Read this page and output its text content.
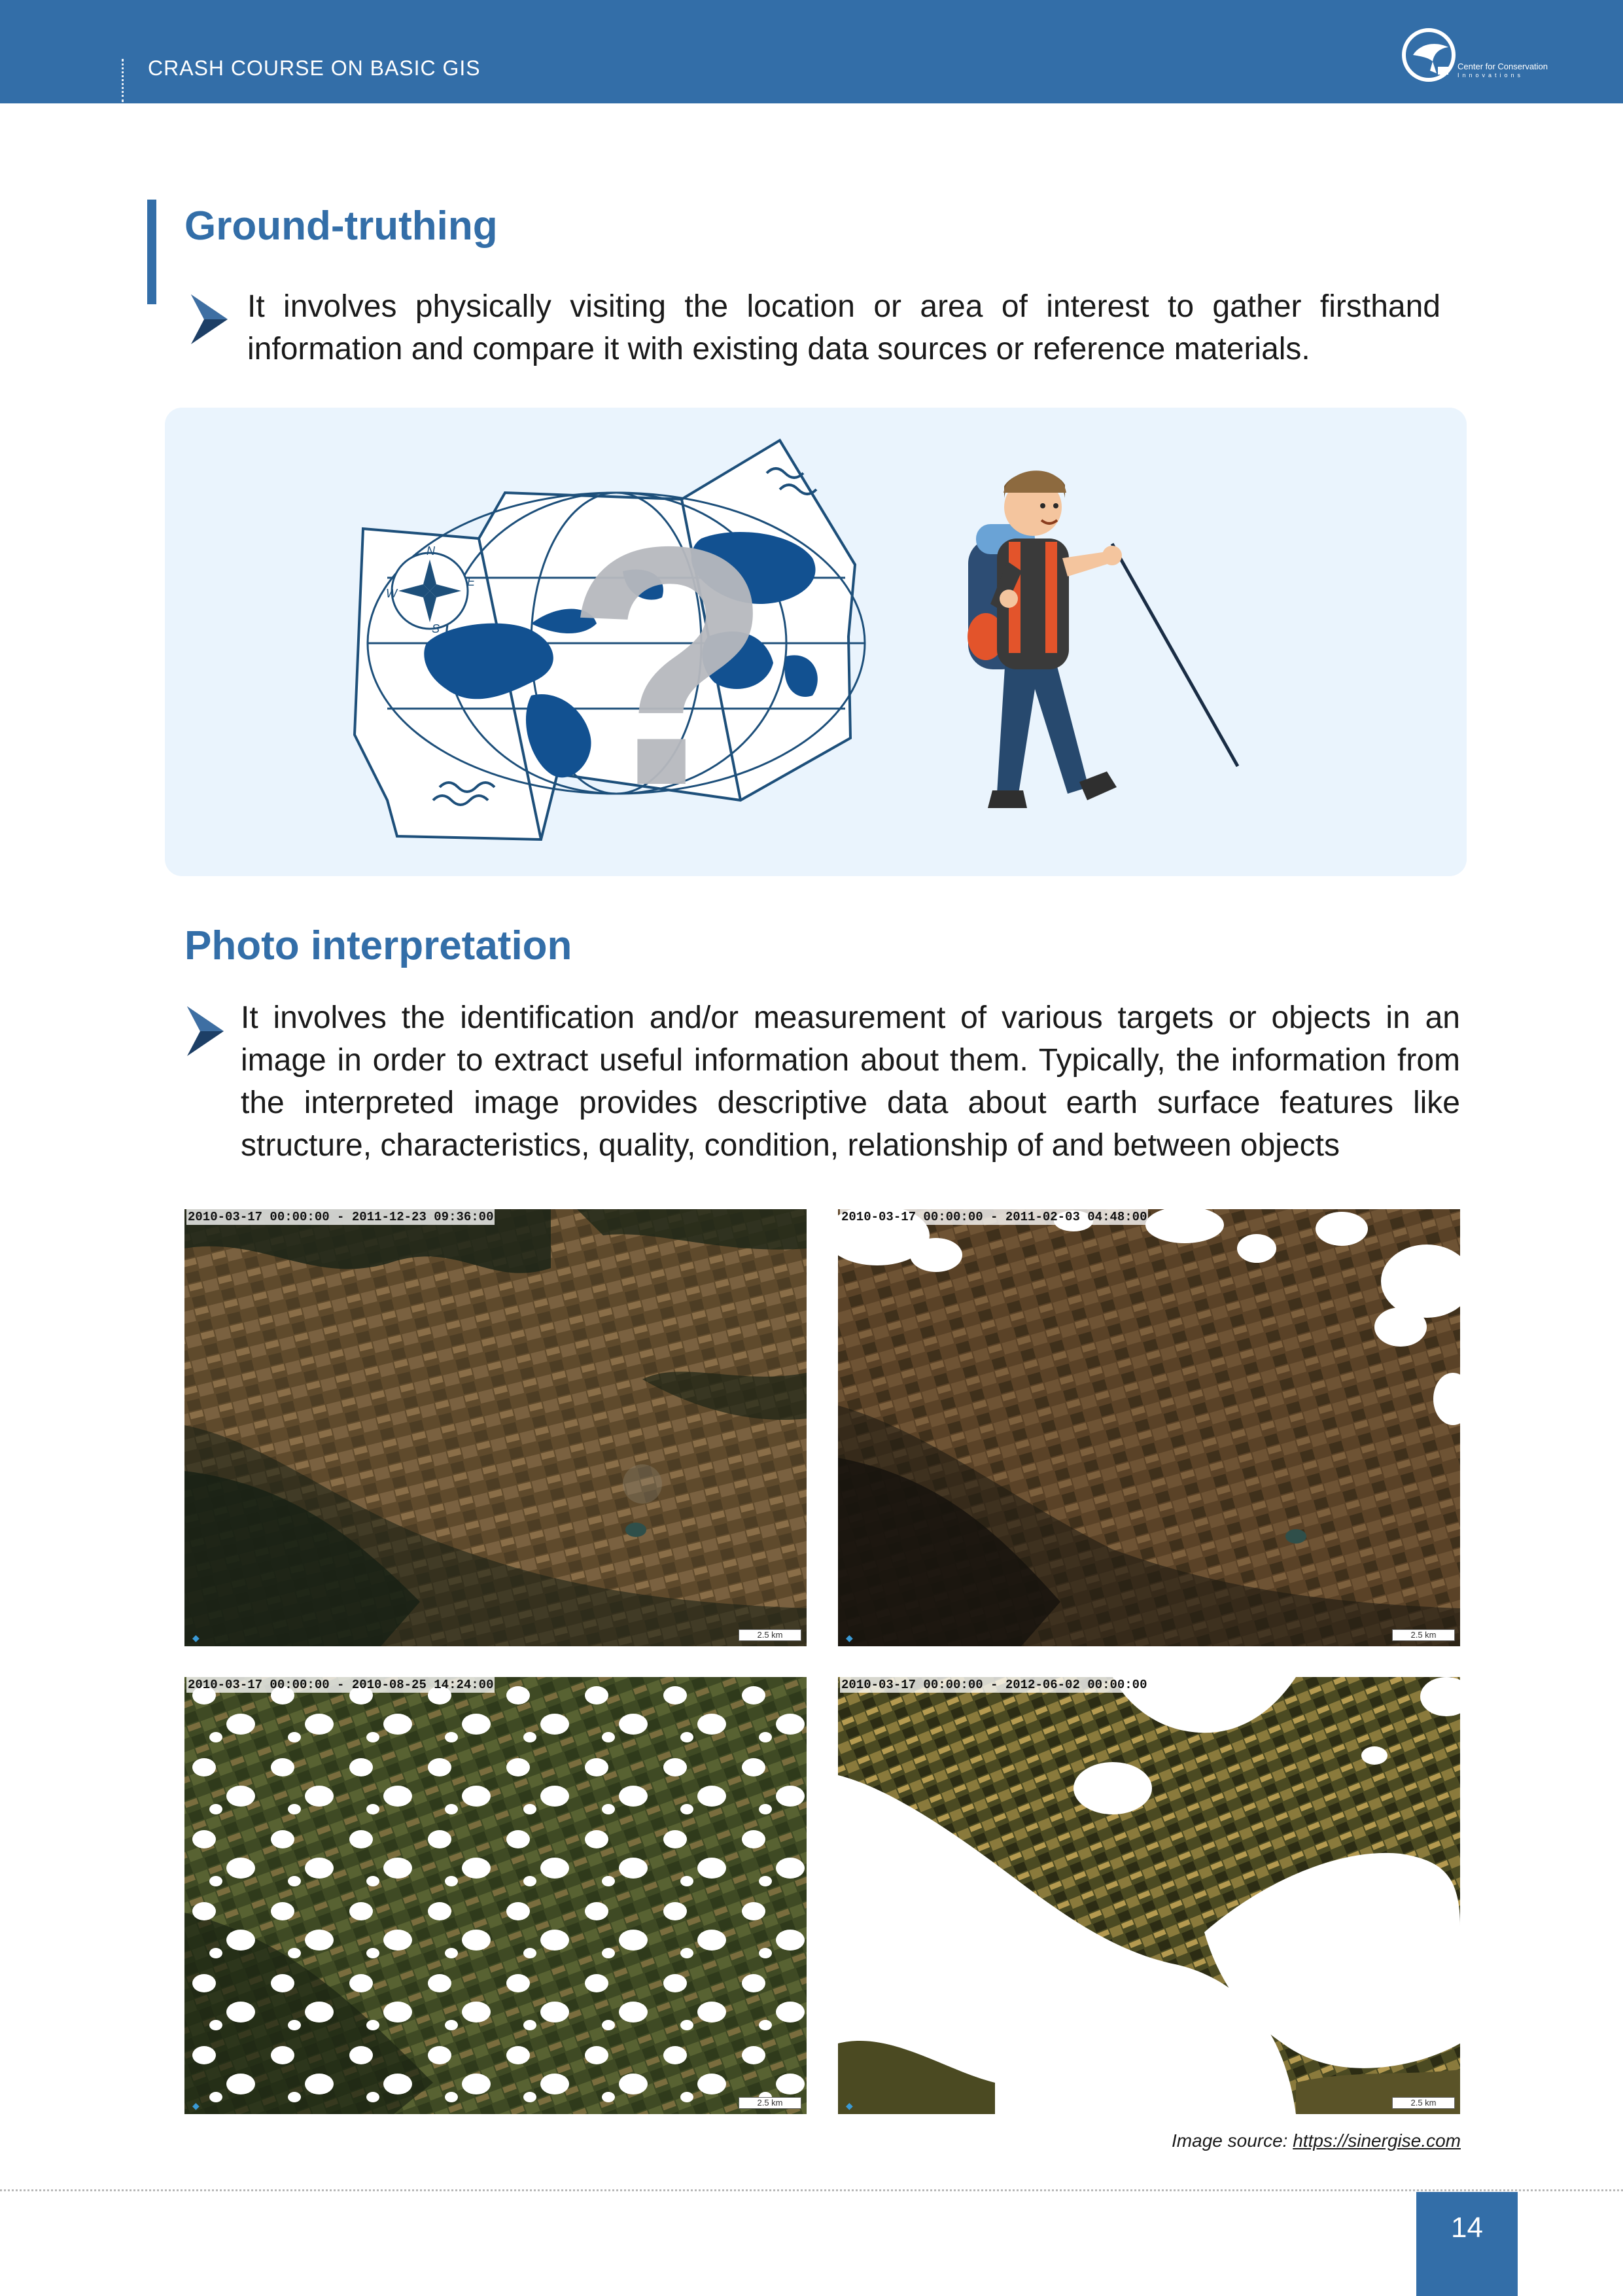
CRASH COURSE ON BASIC GIS	Center for Conservation
Innovations
Ground-truthing

It involves physically visiting the location or area of interest to gather firsthand information and compare it with existing data sources or reference materials.

?
N
E
S
W
Photo interpretation

It involves the identification and/or measurement of various targets or objects in an image in order to extract useful information about them. Typically, the information from the interpreted image provides descriptive data about earth surface features like structure, characteristics, quality, condition, relationship of and between objects

◆
2010-03-17 00:00:00 - 2011-12-23 09:36:00
2.5 km	◆
2010-03-17 00:00:00 - 2011-02-03 04:48:00
2.5 km
◆
2010-03-17 00:00:00 - 2010-08-25 14:24:00
2.5 km	◆
2010-03-17 00:00:00 - 2012-06-02 00:00:00
2.5 km
Image source: https://sinergise.com
14
